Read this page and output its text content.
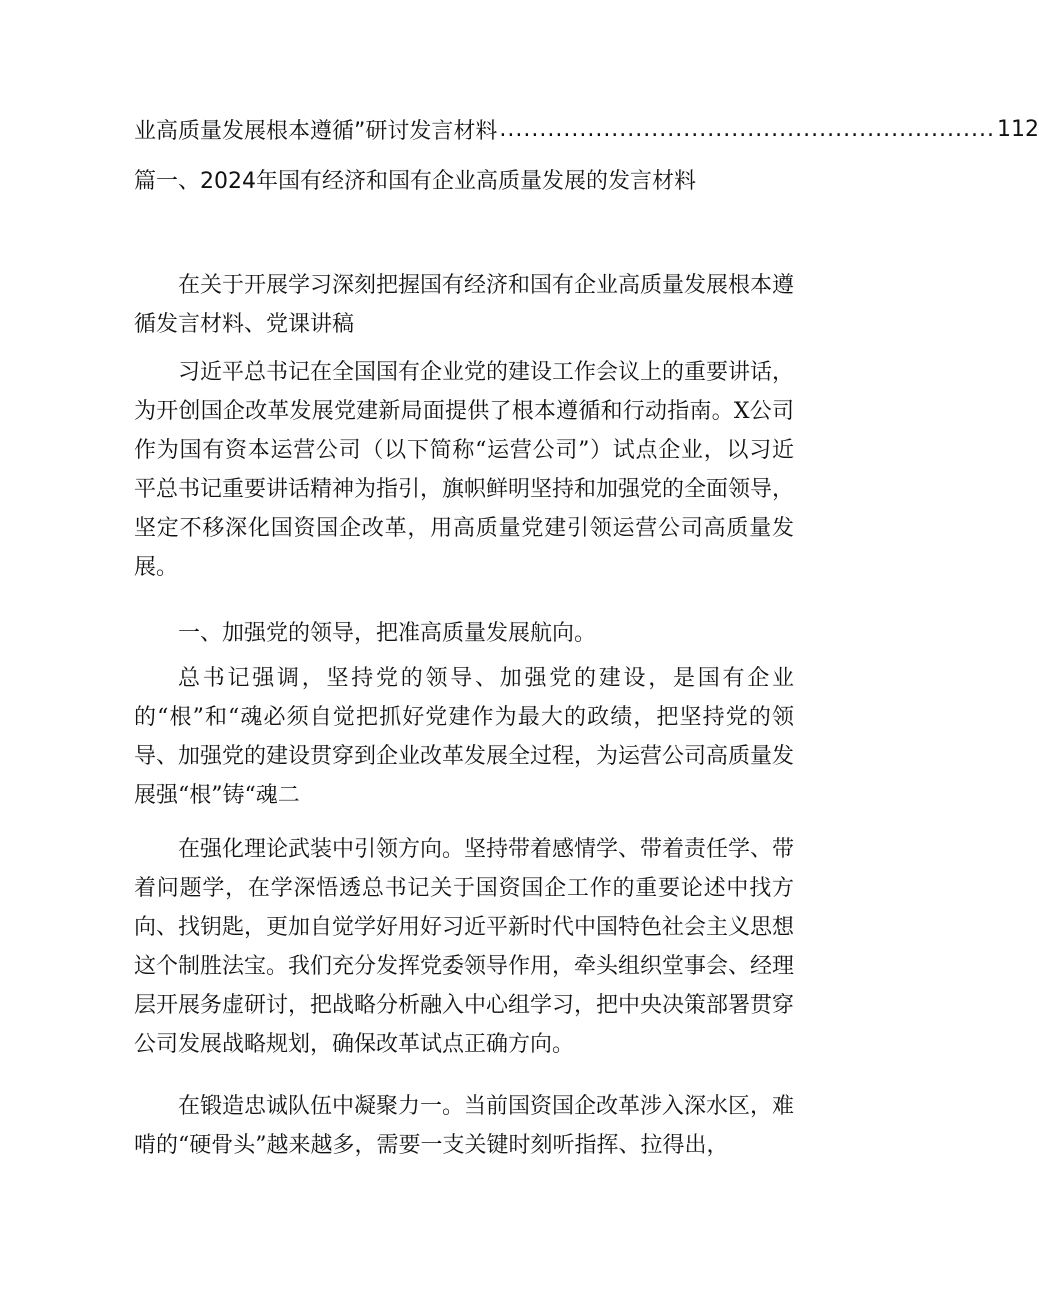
业高质量发展根本遵循”研讨发言材料 .............................................................. 112
篇一、2024年国有经济和国有企业高质量发展的发言材料

在关于开展学习深刻把握国有经济和国有企业高质量发展根本遵循发言材料、党课讲稿

习近平总书记在全国国有企业党的建设工作会议上的重要讲话，为开创国企改革发展党建新局面提供了根本遵循和行动指南。X公司作为国有资本运营公司（以下简称“运营公司”）试点企业，以习近平总书记重要讲话精神为指引，旗帜鲜明坚持和加强党的全面领导，坚定不移深化国资国企改革，用高质量党建引领运营公司高质量发展。

一、加强党的领导，把准高质量发展航向。

总书记强调，坚持党的领导、加强党的建设，是国有企业的“根”和“魂必须自觉把抓好党建作为最大的政绩，把坚持党的领导、加强党的建设贯穿到企业改革发展全过程，为运营公司高质量发展强“根”铸“魂二

在强化理论武装中引领方向。坚持带着感情学、带着责任学、带着问题学，在学深悟透总书记关于国资国企工作的重要论述中找方向、找钥匙，更加自觉学好用好习近平新时代中国特色社会主义思想这个制胜法宝。我们充分发挥党委领导作用，牵头组织堂事会、经理层开展务虚研讨，把战略分析融入中心组学习，把中央决策部署贯穿公司发展战略规划，确保改革试点正确方向。

在锻造忠诚队伍中凝聚力一。当前国资国企改革涉入深水区，难啃的“硬骨头”越来越多，需要一支关键时刻听指挥、拉得出，
